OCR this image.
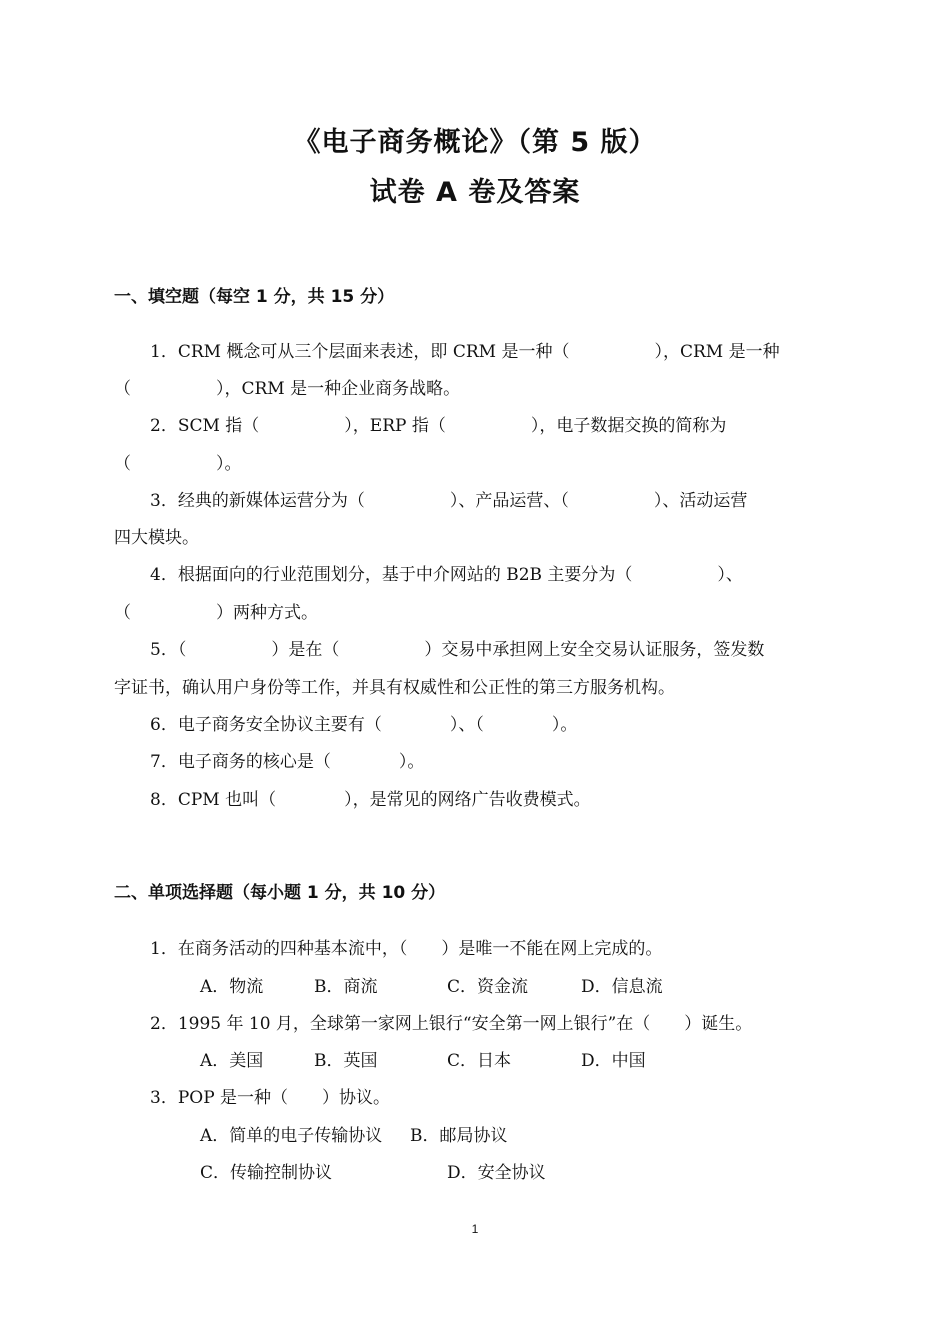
《电子商务概论》（第 5 版）
试卷 A 卷及答案
一、填空题（每空 1 分，共 15 分）
1．CRM 概念可从三个层面来表述，即 CRM 是一种（　　　　　），CRM 是一种
（　　　　　），CRM 是一种企业商务战略。
2．SCM 指（　　　　　），ERP 指（　　　　　），电子数据交换的简称为
（　　　　　）。
3．经典的新媒体运营分为（　　　　　）、产品运营、（　　　　　）、活动运营
四大模块。
4．根据面向的行业范围划分，基于中介网站的 B2B 主要分为（　　　　　）、
（　　　　　）两种方式。
5．（　　　　　）是在（　　　　　）交易中承担网上安全交易认证服务，签发数
字证书，确认用户身份等工作，并具有权威性和公正性的第三方服务机构。
6．电子商务安全协议主要有（　　　　）、（　　　　）。
7．电子商务的核心是（　　　　）。
8．CPM 也叫（　　　　），是常见的网络广告收费模式。
二、单项选择题（每小题 1 分，共 10 分）
1．在商务活动的四种基本流中，（　　）是唯一不能在网上完成的。
A．物流	B．商流	C．资金流	D．信息流
2．1995 年 10 月，全球第一家网上银行“安全第一网上银行”在（　　）诞生。
A．美国	B．英国	C．日本	D．中国
3．POP 是一种（　　）协议。
A．简单的电子传输协议 B．邮局协议
C．传输控制协议	D．安全协议
1
